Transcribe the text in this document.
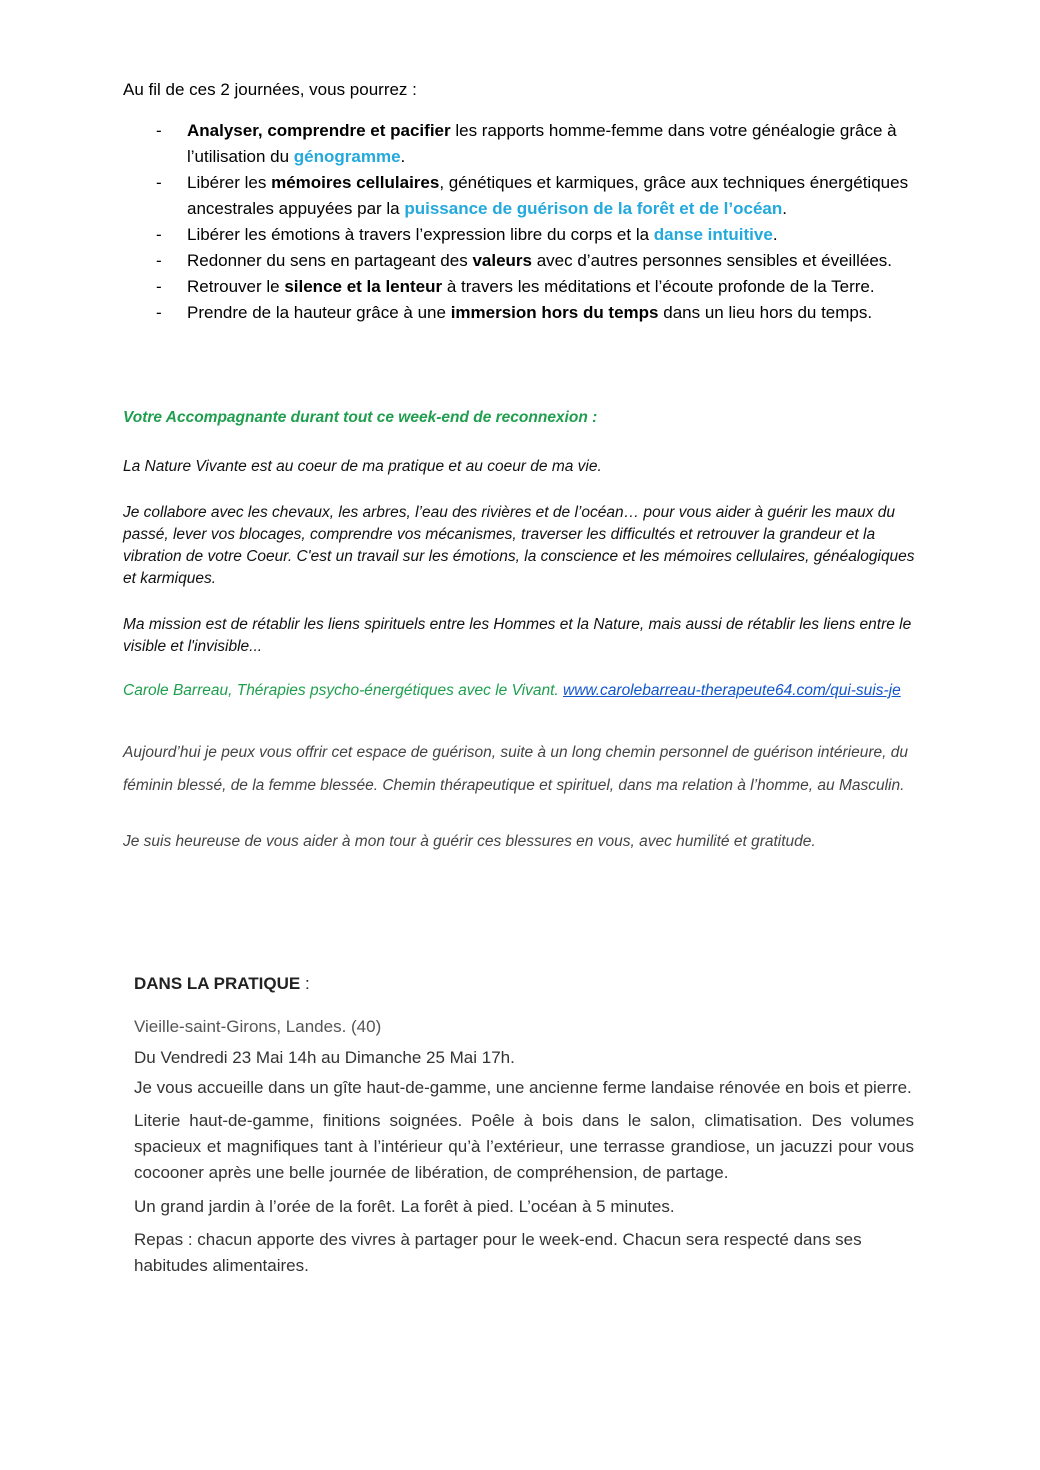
Au fil de ces 2 journées, vous pourrez :
- Analyser, comprendre et pacifier les rapports homme-femme dans votre généalogie grâce à l’utilisation du génogramme.
- Libérer les mémoires cellulaires, génétiques et karmiques, grâce aux techniques énergétiques ancestrales appuyées par la puissance de guérison de la forêt et de l’océan.
- Libérer les émotions à travers l’expression libre du corps et la danse intuitive.
- Redonner du sens en partageant des valeurs avec d’autres personnes sensibles et éveillées.
- Retrouver le silence et la lenteur à travers les méditations et l’écoute profonde de la Terre.
- Prendre de la hauteur grâce à une immersion hors du temps dans un lieu hors du temps.
Votre Accompagnante durant tout ce week-end de reconnexion :
La Nature Vivante est au coeur de ma pratique et au coeur de ma vie.
Je collabore avec les chevaux, les arbres, l’eau des rivières et de l’océan… pour vous aider à guérir les maux du passé, lever vos blocages, comprendre vos mécanismes, traverser les difficultés et retrouver la grandeur et la vibration de votre Coeur. C'est un travail sur les émotions, la conscience et les mémoires cellulaires, généalogiques et karmiques.
Ma mission est de rétablir les liens spirituels entre les Hommes et la Nature, mais aussi de rétablir les liens entre le visible et l'invisible...
Carole Barreau, Thérapies psycho-énergétiques avec le Vivant. www.carolebarreau-therapeute64.com/qui-suis-je
Aujourd’hui je peux vous offrir cet espace de guérison, suite à un long chemin personnel de guérison intérieure, du féminin blessé, de la femme blessée. Chemin thérapeutique et spirituel, dans ma relation à l’homme, au Masculin.
Je suis heureuse de vous aider à mon tour à guérir ces blessures en vous, avec humilité et gratitude.
DANS LA PRATIQUE :
Vieille-saint-Girons, Landes. (40)
Du Vendredi 23 Mai 14h au Dimanche 25 Mai 17h.
Je vous accueille dans un gîte haut-de-gamme, une ancienne ferme landaise rénovée en bois et pierre.
Literie haut-de-gamme, finitions soignées. Poêle à bois dans le salon, climatisation. Des volumes spacieux et magnifiques tant à l’intérieur qu’à l’extérieur, une terrasse grandiose, un jacuzzi pour vous cocooner après une belle journée de libération, de compréhension, de partage.
Un grand jardin à l’orée de la forêt. La forêt à pied. L’océan à 5 minutes.
Repas : chacun apporte des vivres à partager pour le week-end. Chacun sera respecté dans ses habitudes alimentaires.
